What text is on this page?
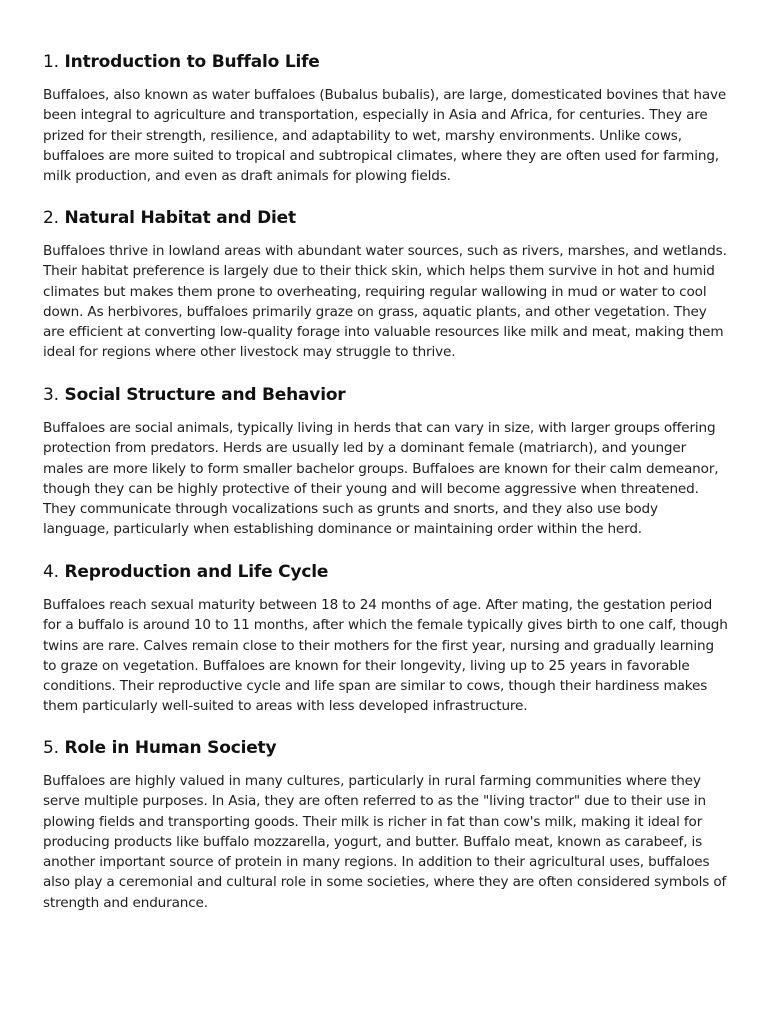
1. Introduction to Buffalo Life

Buffaloes, also known as water buffaloes (Bubalus bubalis), are large, domesticated bovines that have been integral to agriculture and transportation, especially in Asia and Africa, for centuries. They are prized for their strength, resilience, and adaptability to wet, marshy environments. Unlike cows, buffaloes are more suited to tropical and subtropical climates, where they are often used for farming, milk production, and even as draft animals for plowing fields.

2. Natural Habitat and Diet

Buffaloes thrive in lowland areas with abundant water sources, such as rivers, marshes, and wetlands. Their habitat preference is largely due to their thick skin, which helps them survive in hot and humid climates but makes them prone to overheating, requiring regular wallowing in mud or water to cool down. As herbivores, buffaloes primarily graze on grass, aquatic plants, and other vegetation. They are efficient at converting low-quality forage into valuable resources like milk and meat, making them ideal for regions where other livestock may struggle to thrive.

3. Social Structure and Behavior

Buffaloes are social animals, typically living in herds that can vary in size, with larger groups offering protection from predators. Herds are usually led by a dominant female (matriarch), and younger males are more likely to form smaller bachelor groups. Buffaloes are known for their calm demeanor, though they can be highly protective of their young and will become aggressive when threatened. They communicate through vocalizations such as grunts and snorts, and they also use body language, particularly when establishing dominance or maintaining order within the herd.

4. Reproduction and Life Cycle

Buffaloes reach sexual maturity between 18 to 24 months of age. After mating, the gestation period for a buffalo is around 10 to 11 months, after which the female typically gives birth to one calf, though twins are rare. Calves remain close to their mothers for the first year, nursing and gradually learning to graze on vegetation. Buffaloes are known for their longevity, living up to 25 years in favorable conditions. Their reproductive cycle and life span are similar to cows, though their hardiness makes them particularly well-suited to areas with less developed infrastructure.

5. Role in Human Society

Buffaloes are highly valued in many cultures, particularly in rural farming communities where they serve multiple purposes. In Asia, they are often referred to as the "living tractor" due to their use in plowing fields and transporting goods. Their milk is richer in fat than cow's milk, making it ideal for producing products like buffalo mozzarella, yogurt, and butter. Buffalo meat, known as carabeef, is another important source of protein in many regions. In addition to their agricultural uses, buffaloes also play a ceremonial and cultural role in some societies, where they are often considered symbols of strength and endurance.
